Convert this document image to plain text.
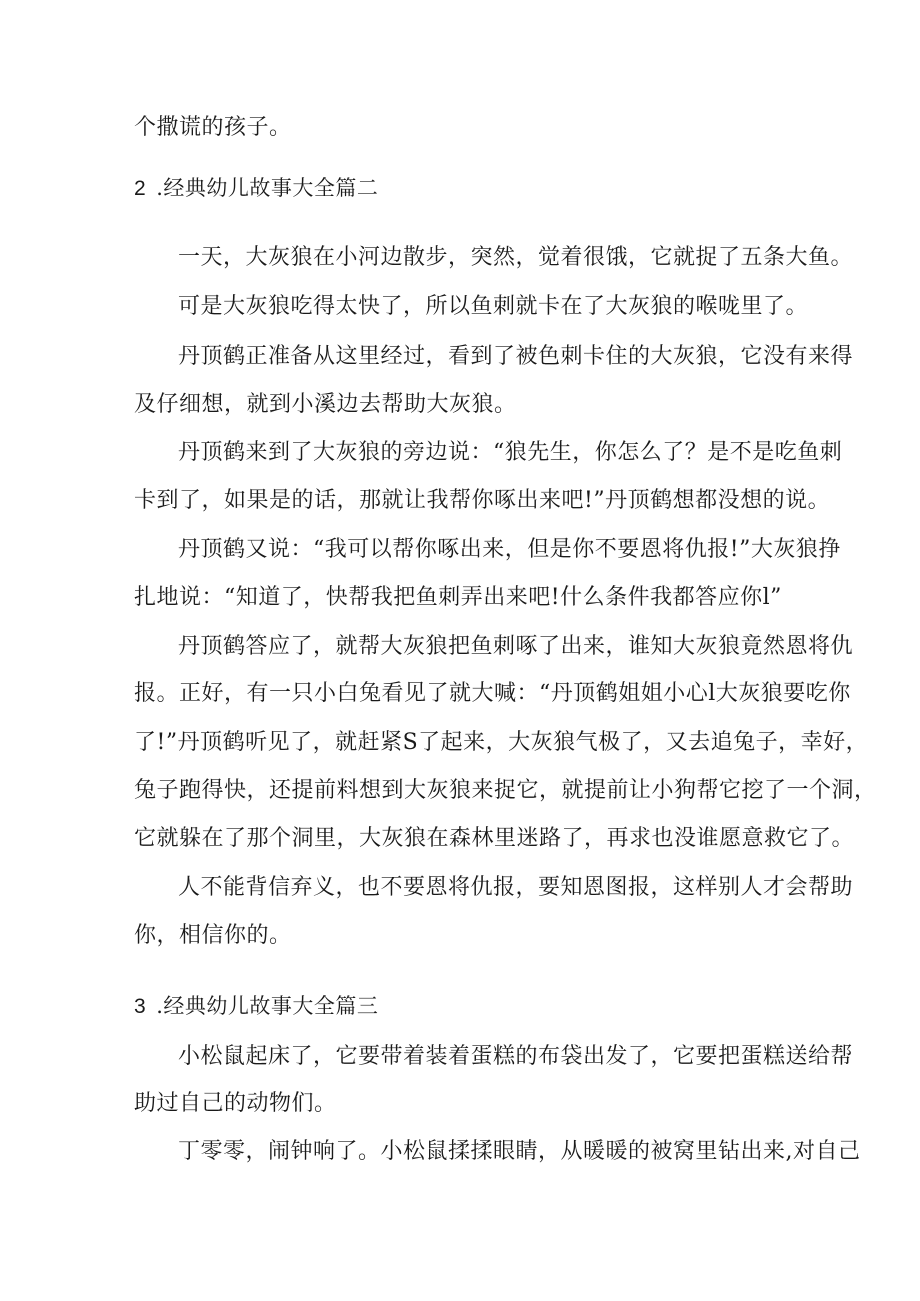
个撒谎的孩子。
2 .经典幼儿故事大全篇二
一天，大灰狼在小河边散步，突然，觉着很饿，它就捉了五条大鱼。
可是大灰狼吃得太快了，所以鱼刺就卡在了大灰狼的喉咙里了。
丹顶鹤正准备从这里经过，看到了被色刺卡住的大灰狼，它没有来得
及仔细想，就到小溪边去帮助大灰狼。
丹顶鹤来到了大灰狼的旁边说：“狼先生，你怎么了？是不是吃鱼刺
卡到了，如果是的话，那就让我帮你啄出来吧!”丹顶鹤想都没想的说。
丹顶鹤又说：“我可以帮你啄出来，但是你不要恩将仇报!”大灰狼挣
扎地说：“知道了，快帮我把鱼刺弄出来吧!什么条件我都答应你l”
丹顶鹤答应了，就帮大灰狼把鱼刺啄了出来，谁知大灰狼竟然恩将仇
报。正好，有一只小白兔看见了就大喊：“丹顶鹤姐姐小心l大灰狼要吃你
了!”丹顶鹤听见了，就赶紧S了起来，大灰狼气极了，又去追兔子，幸好，
兔子跑得快，还提前料想到大灰狼来捉它，就提前让小狗帮它挖了一个洞，
它就躲在了那个洞里，大灰狼在森林里迷路了，再求也没谁愿意救它了。
人不能背信弃义，也不要恩将仇报，要知恩图报，这样别人才会帮助
你，相信你的。
3 .经典幼儿故事大全篇三
小松鼠起床了，它要带着装着蛋糕的布袋出发了，它要把蛋糕送给帮
助过自己的动物们。
丁零零，闹钟响了。小松鼠揉揉眼睛，从暖暖的被窝里钻出来,对自己
